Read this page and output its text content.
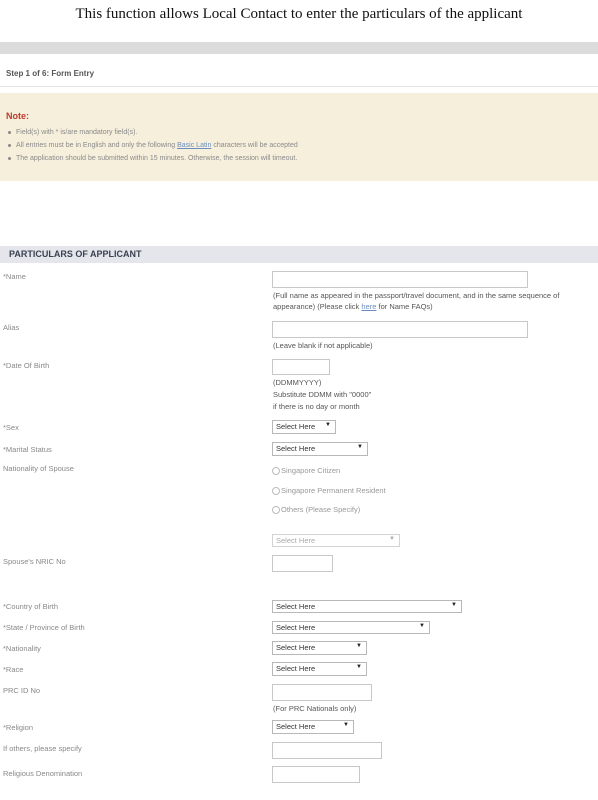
This function allows Local Contact to enter the particulars of the applicant
Step 1 of 6: Form Entry
Note:
Field(s) with * is/are mandatory field(s).
All entries must be in English and only the following Basic Latin characters will be accepted
The application should be submitted within 15 minutes. Otherwise, the session will timeout.
PARTICULARS OF APPLICANT
*Name
(Full name as appeared in the passport/travel document, and in the same sequence of appearance) (Please click here for Name FAQs)
Alias
(Leave blank if not applicable)
*Date Of Birth
(DDMMYYYY)
Substitute DDMM with "0000"
if there is no day or month
*Sex	Select Here ▼
*Marital Status	Select Here	▼
Nationality of Spouse	Singapore Citizen
Singapore Permanent Resident
Others (Please Specify)
Select Here	▼
Spouse's NRIC No
*Country of Birth	Select Here	▼
*State / Province of Birth	Select Here	▼
*Nationality	Select Here	▼
*Race	Select Here	▼
PRC ID No
(For PRC Nationals only)
*Religion	Select Here	▼
If others, please specify
Religious Denomination
